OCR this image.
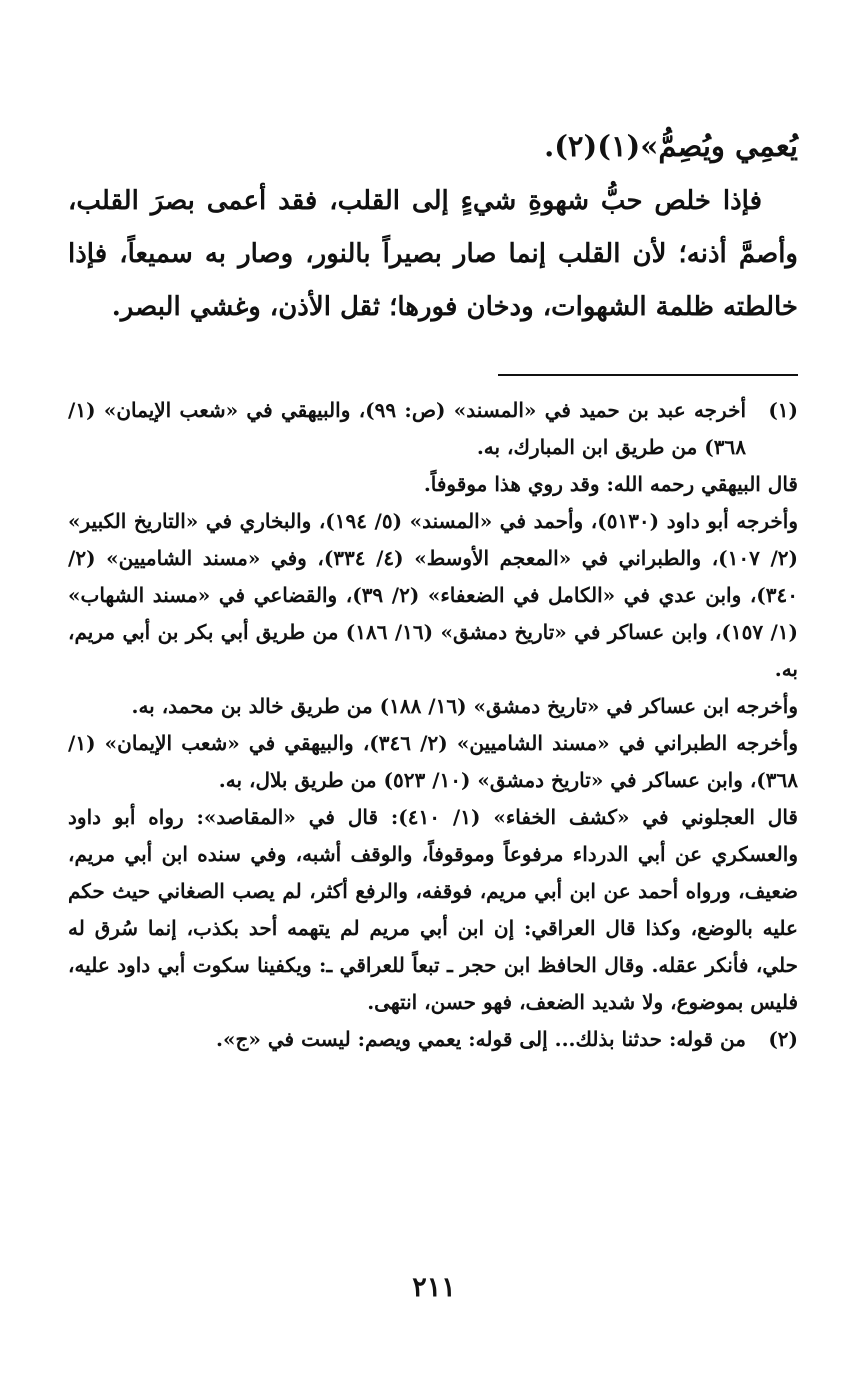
يُعمِي ويُصِمُّ»(١)(٢).

فإذا خلص حبُّ شهوةِ شيءٍ إلى القلب، فقد أعمى بصرَ القلب، وأصمَّ أذنه؛ لأن القلب إنما صار بصيراً بالنور، وصار به سميعاً، فإذا خالطته ظلمة الشهوات، ودخان فورها؛ ثقل الأذن، وغشي البصر.

(١)

أخرجه عبد بن حميد في «المسند» (ص: ٩٩)، والبيهقي في «شعب الإيمان» (١/ ٣٦٨) من طريق ابن المبارك، به.

قال البيهقي رحمه الله: وقد روي هذا موقوفاً.

وأخرجه أبو داود (٥١٣٠)، وأحمد في «المسند» (٥/ ١٩٤)، والبخاري في «التاريخ الكبير» (٢/ ١٠٧)، والطبراني في «المعجم الأوسط» (٤/ ٣٣٤)، وفي «مسند الشاميين» (٢/ ٣٤٠)، وابن عدي في «الكامل في الضعفاء» (٢/ ٣٩)، والقضاعي في «مسند الشهاب» (١/ ١٥٧)، وابن عساكر في «تاريخ دمشق» (١٦/ ١٨٦) من طريق أبي بكر بن أبي مريم، به.

وأخرجه ابن عساكر في «تاريخ دمشق» (١٦/ ١٨٨) من طريق خالد بن محمد، به.

وأخرجه الطبراني في «مسند الشاميين» (٢/ ٣٤٦)، والبيهقي في «شعب الإيمان» (١/ ٣٦٨)، وابن عساكر في «تاريخ دمشق» (١٠/ ٥٢٣) من طريق بلال، به.

قال العجلوني في «كشف الخفاء» (١/ ٤١٠): قال في «المقاصد»: رواه أبو داود والعسكري عن أبي الدرداء مرفوعاً وموقوفاً، والوقف أشبه، وفي سنده ابن أبي مريم، ضعيف، ورواه أحمد عن ابن أبي مريم، فوقفه، والرفع أكثر، لم يصب الصغاني حيث حكم عليه بالوضع، وكذا قال العراقي: إن ابن أبي مريم لم يتهمه أحد بكذب، إنما سُرق له حلي، فأنكر عقله. وقال الحافظ ابن حجر ـ تبعاً للعراقي ـ: ويكفينا سكوت أبي داود عليه، فليس بموضوع، ولا شديد الضعف، فهو حسن، انتهى.

(٢)

من قوله: حدثنا بذلك... إلى قوله: يعمي ويصم: ليست في «ج».

٢١١
